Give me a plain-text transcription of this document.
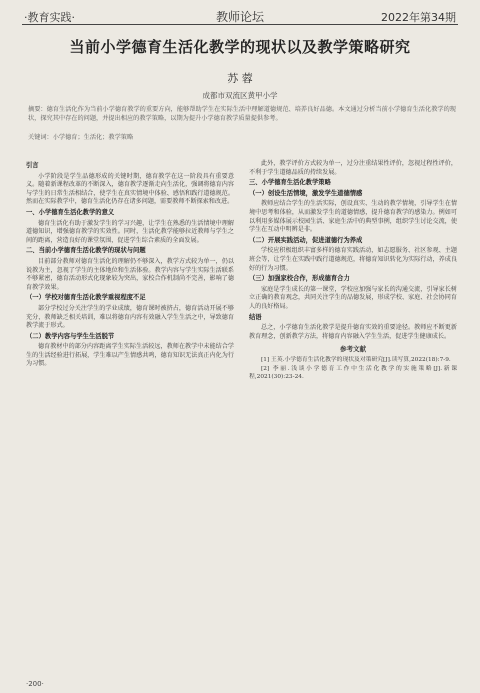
·教育实践·	教师论坛	2022年第34期
当前小学德育生活化教学的现状以及教学策略研究
苏 蓉
成都市双流区黄甲小学
摘要：德育生活化作为当前小学德育教学的重要方向，能够帮助学生在实际生活中理解道德规范、培养良好品德。本文通过分析当前小学德育生活化教学的现状，探究其中存在的问题，并提出相应的教学策略，以期为提升小学德育教学质量提供参考。
关键词：小学德育；生活化；教学策略
引言

小学阶段是学生品德形成的关键时期，德育教学在这一阶段具有重要意义。随着新课程改革的不断深入，德育教学逐渐走向生活化，强调将德育内容与学生的日常生活相结合，使学生在真实情境中体验、感悟和践行道德规范。然而在实际教学中，德育生活化仍存在诸多问题，需要教师不断探索和改进。

一、小学德育生活化教学的意义

德育生活化有助于激发学生的学习兴趣，让学生在熟悉的生活情境中理解道德知识，增强德育教学的实效性。同时，生活化教学能够拉近教师与学生之间的距离，营造良好的课堂氛围，促进学生综合素质的全面发展。

二、当前小学德育生活化教学的现状与问题

目前部分教师对德育生活化的理解仍不够深入，教学方式较为单一，仍以说教为主，忽视了学生的主体地位和生活体验。教学内容与学生实际生活联系不够紧密，德育活动形式化现象较为突出，家校合作机制尚不完善，影响了德育教学效果。

（一）学校对德育生活化教学重视程度不足

部分学校过分关注学生的学业成绩，德育课时被挤占，德育活动开展不够充分，教师缺乏相关培训，难以将德育内容有效融入学生生活之中，导致德育教学流于形式。

（二）教学内容与学生生活脱节

德育教材中的部分内容距离学生实际生活较远，教师在教学中未能结合学生的生活经验进行拓展，学生难以产生情感共鸣，德育知识无法真正内化为行为习惯。

此外，教学评价方式较为单一，过分注重结果性评价，忽视过程性评价，不利于学生道德品质的持续发展。

三、小学德育生活化教学策略
（一）创设生活情境，激发学生道德情感

教师应结合学生的生活实际，创设真实、生动的教学情境，引导学生在情境中思考和体验，从而激发学生的道德情感，提升德育教学的感染力。例如可以利用多媒体展示校园生活、家庭生活中的典型事例，组织学生讨论交流，使学生在互动中明辨是非。

（二）开展实践活动，促进道德行为养成

学校应积极组织丰富多样的德育实践活动，如志愿服务、社区参观、主题班会等，让学生在实践中践行道德规范，将德育知识转化为实际行动，养成良好的行为习惯。

（三）加强家校合作，形成德育合力

家庭是学生成长的第一课堂，学校应加强与家长的沟通交流，引导家长树立正确的教育观念，共同关注学生的品德发展，形成学校、家庭、社会协同育人的良好格局。

结语

总之，小学德育生活化教学是提升德育实效的重要途径。教师应不断更新教育理念，创新教学方法，将德育内容融入学生生活，促进学生健康成长。

参考文献

[1] 王英.小学德育生活化教学的现状及对策研究[J].读写算,2022(18):7-9.

[2] 李丽.浅谈小学德育工作中生活化教学的实施策略[J].新课程,2021(30):23-24.

·200·
